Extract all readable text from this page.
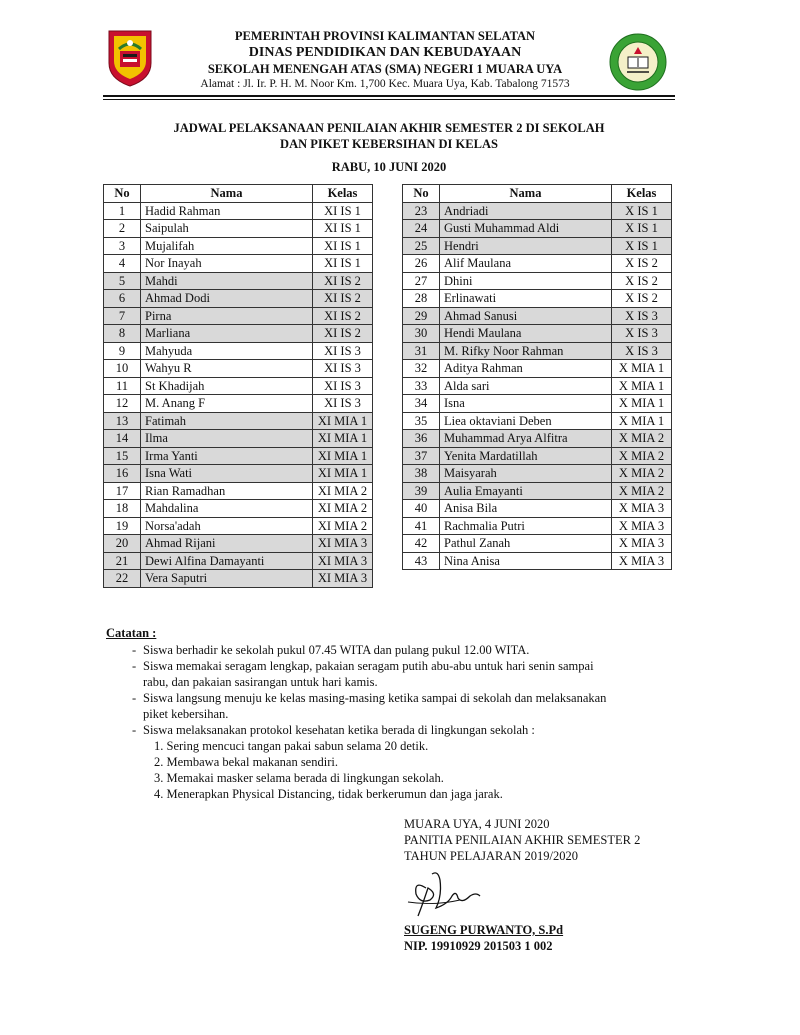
PEMERINTAH PROVINSI KALIMANTAN SELATAN
DINAS PENDIDIKAN DAN KEBUDAYAAN
SEKOLAH MENENGAH ATAS (SMA) NEGERI 1 MUARA UYA
Alamat : Jl. Ir. P. H. M. Noor Km. 1,700 Kec. Muara Uya, Kab. Tabalong 71573
JADWAL PELAKSANAAN PENILAIAN AKHIR SEMESTER 2 DI SEKOLAH
DAN PIKET KEBERSIHAN DI KELAS
RABU, 10 JUNI 2020
No	Nama	Kelas
1	Hadid Rahman	XI IS 1
2	Saipulah	XI IS 1
3	Mujalifah	XI IS 1
4	Nor Inayah	XI IS 1
5	Mahdi	XI IS 2
6	Ahmad Dodi	XI IS 2
7	Pirna	XI IS 2
8	Marliana	XI IS 2
9	Mahyuda	XI IS 3
10	Wahyu R	XI IS 3
11	St Khadijah	XI IS 3
12	M. Anang F	XI IS 3
13	Fatimah	XI MIA 1
14	Ilma	XI MIA 1
15	Irma Yanti	XI MIA 1
16	Isna Wati	XI MIA 1
17	Rian Ramadhan	XI MIA 2
18	Mahdalina	XI MIA 2
19	Norsa'adah	XI MIA 2
20	Ahmad Rijani	XI MIA 3
21	Dewi Alfina Damayanti	XI MIA 3
22	Vera Saputri	XI MIA 3
No	Nama	Kelas
23	Andriadi	X IS 1
24	Gusti Muhammad Aldi	X IS 1
25	Hendri	X IS 1
26	Alif Maulana	X IS 2
27	Dhini	X IS 2
28	Erlinawati	X IS 2
29	Ahmad Sanusi	X IS 3
30	Hendi Maulana	X IS 3
31	M. Rifky Noor Rahman	X IS 3
32	Aditya Rahman	X MIA 1
33	Alda sari	X MIA 1
34	Isna	X MIA 1
35	Liea oktaviani Deben	X MIA 1
36	Muhammad Arya Alfitra	X MIA 2
37	Yenita Mardatillah	X MIA 2
38	Maisyarah	X MIA 2
39	Aulia Emayanti	X MIA 2
40	Anisa Bila	X MIA 3
41	Rachmalia Putri	X MIA 3
42	Pathul Zanah	X MIA 3
43	Nina Anisa	X MIA 3
Catatan :
- Siswa berhadir ke sekolah pukul 07.45 WITA dan pulang pukul 12.00 WITA.
- Siswa memakai seragam lengkap, pakaian seragam putih abu-abu untuk hari senin sampai
rabu, dan pakaian sasirangan untuk hari kamis.
- Siswa langsung menuju ke kelas masing-masing ketika sampai di sekolah dan melaksanakan
piket kebersihan.
- Siswa melaksanakan protokol kesehatan ketika berada di lingkungan sekolah :
1. Sering mencuci tangan pakai sabun selama 20 detik.
2. Membawa bekal makanan sendiri.
3. Memakai masker selama berada di lingkungan sekolah.
4. Menerapkan Physical Distancing, tidak berkerumun dan jaga jarak.
MUARA UYA, 4 JUNI 2020
PANITIA PENILAIAN AKHIR SEMESTER 2
TAHUN PELAJARAN 2019/2020
SUGENG PURWANTO, S.Pd
NIP. 19910929 201503 1 002
